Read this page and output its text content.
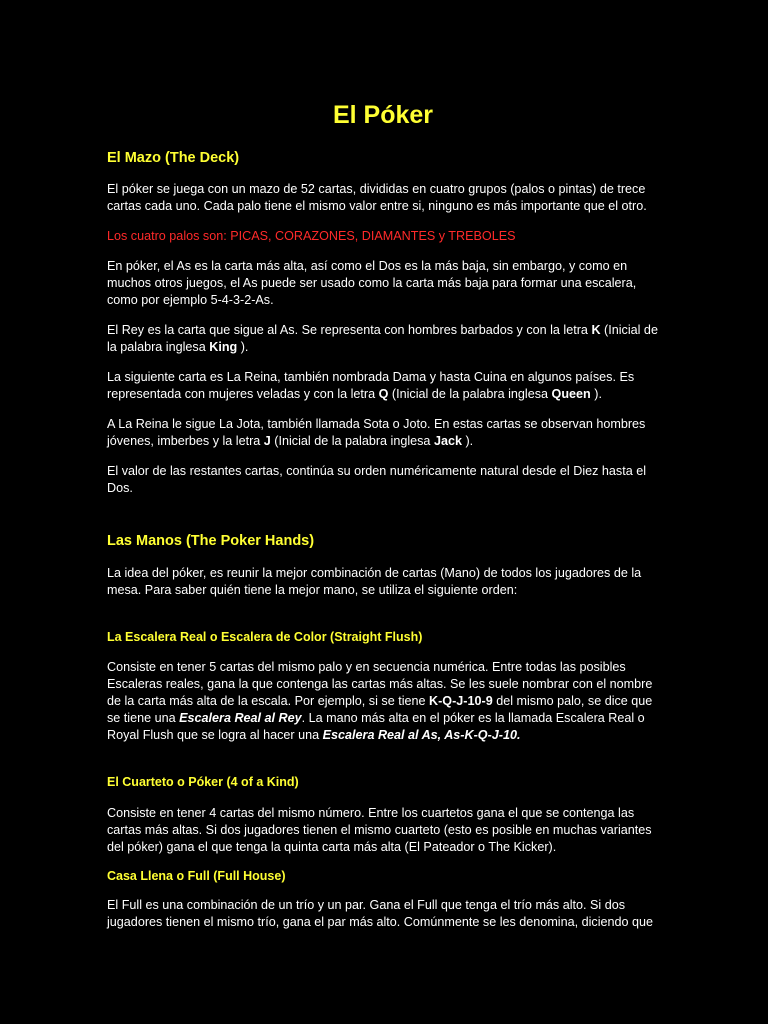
El Póker
El Mazo (The Deck)

El póker se juega con un mazo de 52 cartas, divididas en cuatro grupos (palos o pintas) de trece cartas cada uno. Cada palo tiene el mismo valor entre si, ninguno es más importante que el otro.

Los cuatro palos son: PICAS, CORAZONES, DIAMANTES y TREBOLES

En póker, el As es la carta más alta, así como el Dos es la más baja, sin embargo, y como en muchos otros juegos, el As puede ser usado como la carta más baja para formar una escalera, como por ejemplo 5-4-3-2-As.

El Rey es la carta que sigue al As. Se representa con hombres barbados y con la letra K (Inicial de la palabra inglesa King ).

La siguiente carta es La Reina, también nombrada Dama y hasta Cuina en algunos países. Es representada con mujeres veladas y con la letra Q (Inicial de la palabra inglesa Queen ).

A La Reina le sigue La Jota, también llamada Sota o Joto. En estas cartas se observan hombres jóvenes, imberbes y la letra J (Inicial de la palabra inglesa Jack ).

El valor de las restantes cartas, continúa su orden numéricamente natural desde el Diez hasta el Dos.

Las Manos (The Poker Hands)

La idea del póker, es reunir la mejor combinación de cartas (Mano) de todos los jugadores de la mesa. Para saber quién tiene la mejor mano, se utiliza el siguiente orden:

La Escalera Real o Escalera de Color (Straight Flush)

Consiste en tener 5 cartas del mismo palo y en secuencia numérica. Entre todas las posibles Escaleras reales, gana la que contenga las cartas más altas. Se les suele nombrar con el nombre de la carta más alta de la escala. Por ejemplo, si se tiene K-Q-J-10-9 del mismo palo, se dice que se tiene una Escalera Real al Rey. La mano más alta en el póker es la llamada Escalera Real o Royal Flush que se logra al hacer una Escalera Real al As, As-K-Q-J-10.

El Cuarteto o Póker (4 of a Kind)

Consiste en tener 4 cartas del mismo número. Entre los cuartetos gana el que se contenga las cartas más altas. Si dos jugadores tienen el mismo cuarteto (esto es posible en muchas variantes del póker) gana el que tenga la quinta carta más alta (El Pateador o The Kicker).

Casa Llena o Full (Full House)

El Full es una combinación de un trío y un par. Gana el Full que tenga el trío más alto. Si dos jugadores tienen el mismo trío, gana el par más alto. Comúnmente se les denomina, diciendo que
